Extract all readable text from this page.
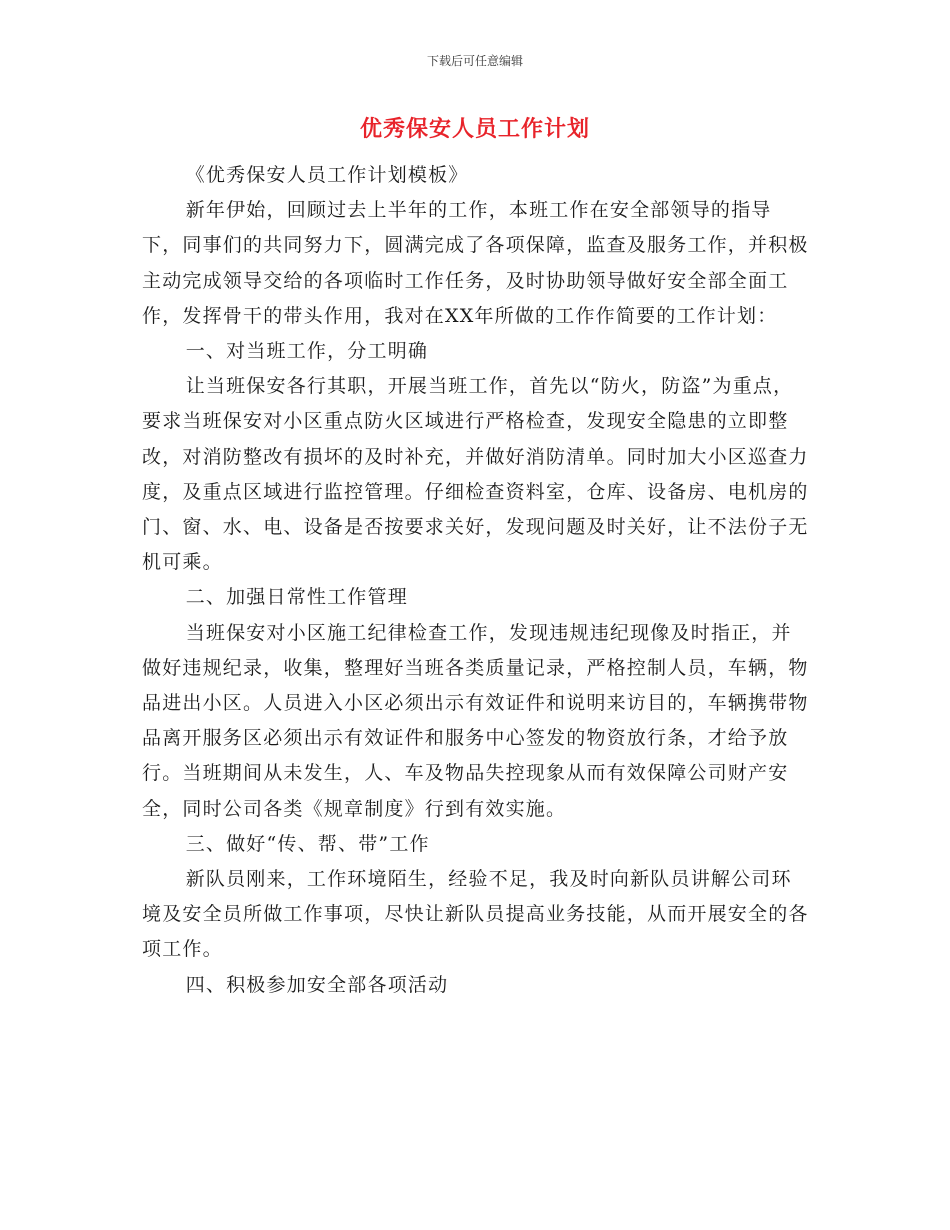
下载后可任意编辑
优秀保安人员工作计划

《优秀保安人员工作计划模板》

新年伊始，回顾过去上半年的工作，本班工作在安全部领导的指导下，同事们的共同努力下，圆满完成了各项保障，监查及服务工作，并积极主动完成领导交给的各项临时工作任务，及时协助领导做好安全部全面工作，发挥骨干的带头作用，我对在XX年所做的工作作简要的工作计划：

一、对当班工作，分工明确

让当班保安各行其职，开展当班工作，首先以“防火，防盗”为重点，要求当班保安对小区重点防火区域进行严格检查，发现安全隐患的立即整改，对消防整改有损坏的及时补充，并做好消防清单。同时加大小区巡查力度，及重点区域进行监控管理。仔细检查资料室，仓库、设备房、电机房的门、窗、水、电、设备是否按要求关好，发现问题及时关好，让不法份子无机可乘。

二、加强日常性工作管理

当班保安对小区施工纪律检查工作，发现违规违纪现像及时指正，并做好违规纪录，收集，整理好当班各类质量记录，严格控制人员，车辆，物品进出小区。人员进入小区必须出示有效证件和说明来访目的，车辆携带物品离开服务区必须出示有效证件和服务中心签发的物资放行条，才给予放行。当班期间从未发生，人、车及物品失控现象从而有效保障公司财产安全，同时公司各类《规章制度》行到有效实施。

三、做好“传、帮、带”工作

新队员刚来，工作环境陌生，经验不足，我及时向新队员讲解公司环境及安全员所做工作事项，尽快让新队员提高业务技能，从而开展安全的各项工作。

四、积极参加安全部各项活动
